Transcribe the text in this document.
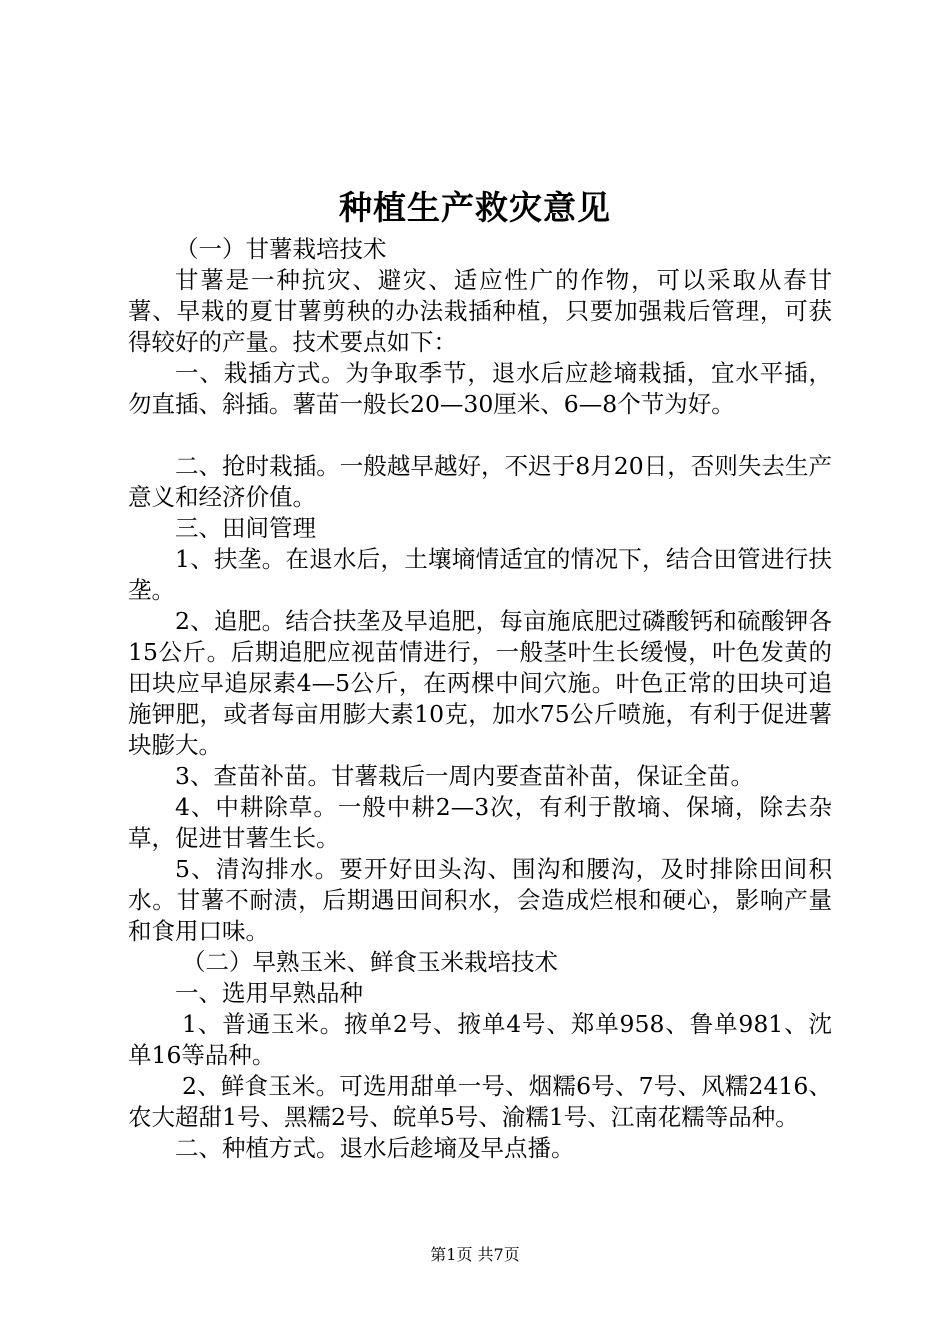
种植生产救灾意见

（一）甘薯栽培技术

甘薯是一种抗灾、避灾、适应性广的作物，可以采取从春甘薯、早栽的夏甘薯剪秧的办法栽插种植，只要加强栽后管理，可获得较好的产量。技术要点如下：

一、栽插方式。为争取季节，退水后应趁墒栽插，宜水平插，勿直插、斜插。薯苗一般长20—30厘米、6—8个节为好。

二、抢时栽插。一般越早越好，不迟于8月20日，否则失去生产意义和经济价值。

三、田间管理

1、扶垄。在退水后，土壤墒情适宜的情况下，结合田管进行扶垄。

2、追肥。结合扶垄及早追肥，每亩施底肥过磷酸钙和硫酸钾各15公斤。后期追肥应视苗情进行，一般茎叶生长缓慢，叶色发黄的田块应早追尿素4—5公斤，在两棵中间穴施。叶色正常的田块可追施钾肥，或者每亩用膨大素10克，加水75公斤喷施，有利于促进薯块膨大。

3、查苗补苗。甘薯栽后一周内要查苗补苗，保证全苗。

4、中耕除草。一般中耕2—3次，有利于散墒、保墒，除去杂草，促进甘薯生长。

5、清沟排水。要开好田头沟、围沟和腰沟，及时排除田间积水。甘薯不耐渍，后期遇田间积水，会造成烂根和硬心，影响产量和食用口味。

（二）早熟玉米、鲜食玉米栽培技术

一、选用早熟品种

1、普通玉米。掖单2号、掖单4号、郑单958、鲁单981、沈单16等品种。

2、鲜食玉米。可选用甜单一号、烟糯6号、7号、风糯2416、农大超甜1号、黑糯2号、皖单5号、渝糯1号、江南花糯等品种。

二、种植方式。退水后趁墒及早点播。

第1页 共7页
